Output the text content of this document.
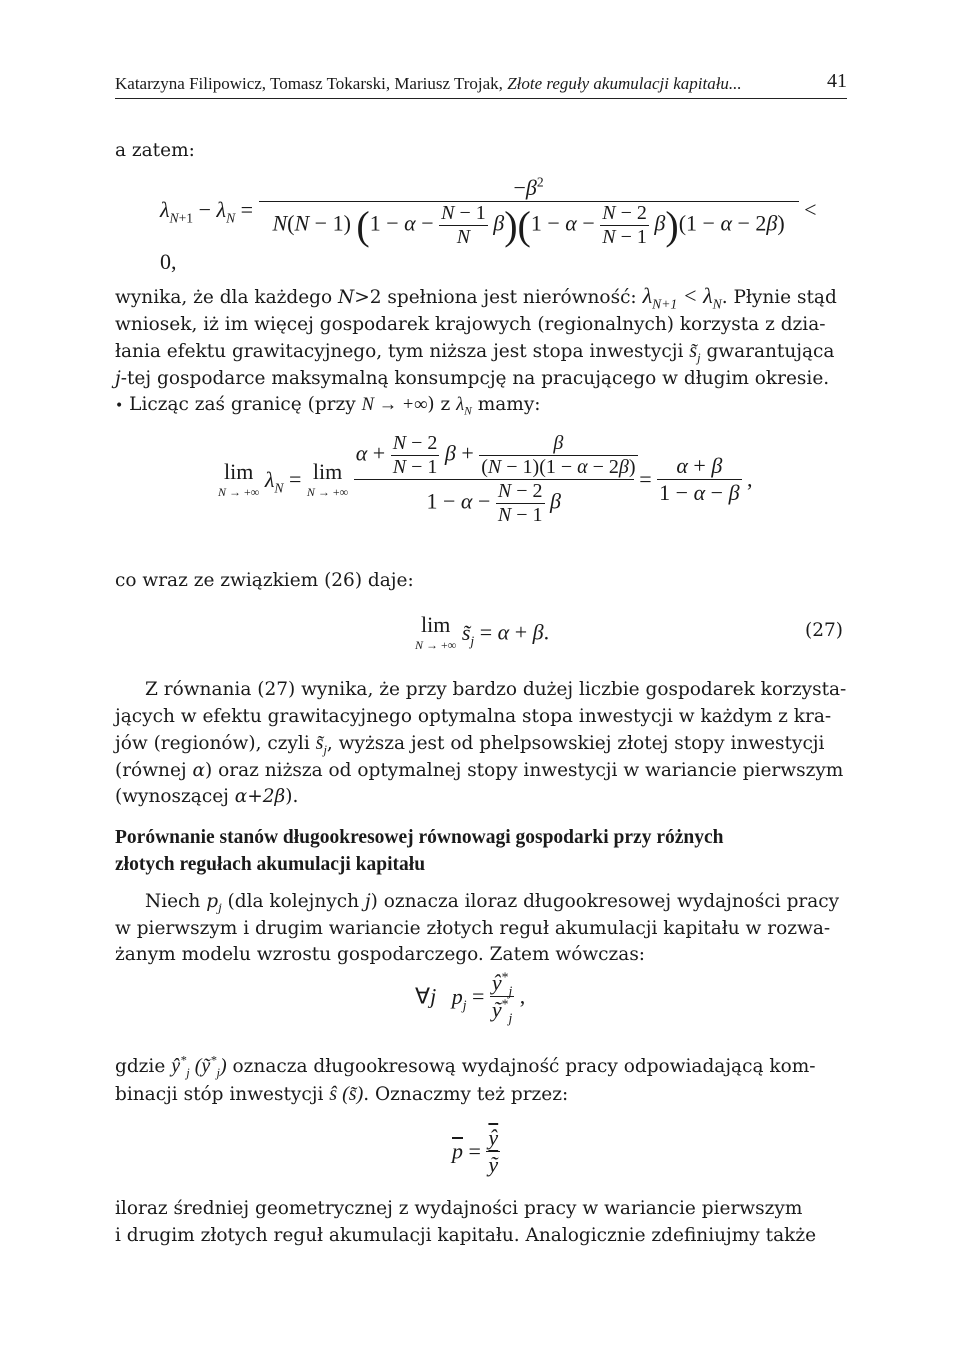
Katarzyna Filipowicz, Tomasz Tokarski, Mariusz Trojak, Złote reguły akumulacji kapitału...	41
a zatem:
$\lambda_{N+1} - \lambda_N$ =
$-\beta^2$
N(N − 1) $(1 - \alpha - \frac{N - 1}{N} \beta)(1 - \alpha - \frac{N - 2}{N - 1} \beta)(1 - \alpha - 2\beta)$
< 0,
wynika, że dla każdego N>2 spełniona jest nierówność: $\lambda_{N+1} < \lambda_N$. Płynie stąd
wniosek, iż im więcej gospodarek krajowych (regionalnych) korzysta z dzia-
łania efektu grawitacyjnego, tym niższa jest stopa inwestycji $s̃_j$ gwarantująca
j-tej gospodarce maksymalną konsumpcję na pracującego w długim okresie.
• Licząc zaś granicę (przy N → +∞) z $\lambda_N$ mamy:
lim
N → +∞
$\lambda_N = \lim$
N → +∞
$\frac{\alpha + \frac{N - 2}{N - 1} \beta + \frac{\beta}{(N - 1)(1 - \alpha - 2\beta)}}{1 - \alpha - \frac{N - 2}{N - 1} \beta} = \frac{\alpha + \beta}{1 - \alpha - \beta}$ ,
co wraz ze związkiem (26) daje:
lim
N → +∞
$s̃_j = \alpha + \beta$.	(27)
Z równania (27) wynika, że przy bardzo dużej liczbie gospodarek korzysta-
jących w efektu grawitacyjnego optymalna stopa inwestycji w każdym z kra-
jów (regionów), czyli $s̃_j$, wyższa jest od phelpsowskiej złotej stopy inwestycji
(równej α) oraz niższa od optymalnej stopy inwestycji w wariancie pierwszym
(wynoszącej α+2β).
Porównanie stanów długookresowej równowagi gospodarki przy różnych
złotych regułach akumulacji kapitału
Niech $p_j$ (dla kolejnych j) oznacza iloraz długookresowej wydajności pracy
w pierwszym i drugim wariancie złotych reguł akumulacji kapitału w rozwa-
żanym modelu wzrostu gospodarczego. Zatem wówczas:
∀j $p_j = \frac{ŷ^*_j}{ỹ^*_j}$ ,
gdzie $ŷ^*_j$ (ỹ*$_j$) oznacza długookresową wydajność pracy odpowiadającą kom-
binacji stóp inwestycji ŝ (s̃). Oznaczmy też przez:
$\overline{p} = \frac{\overline{ŷ}}{\text{ỹ}}$
iloraz średniej geometrycznej z wydajności pracy w wariancie pierwszym
i drugim złotych reguł akumulacji kapitału. Analogicznie zdefiniujmy także
